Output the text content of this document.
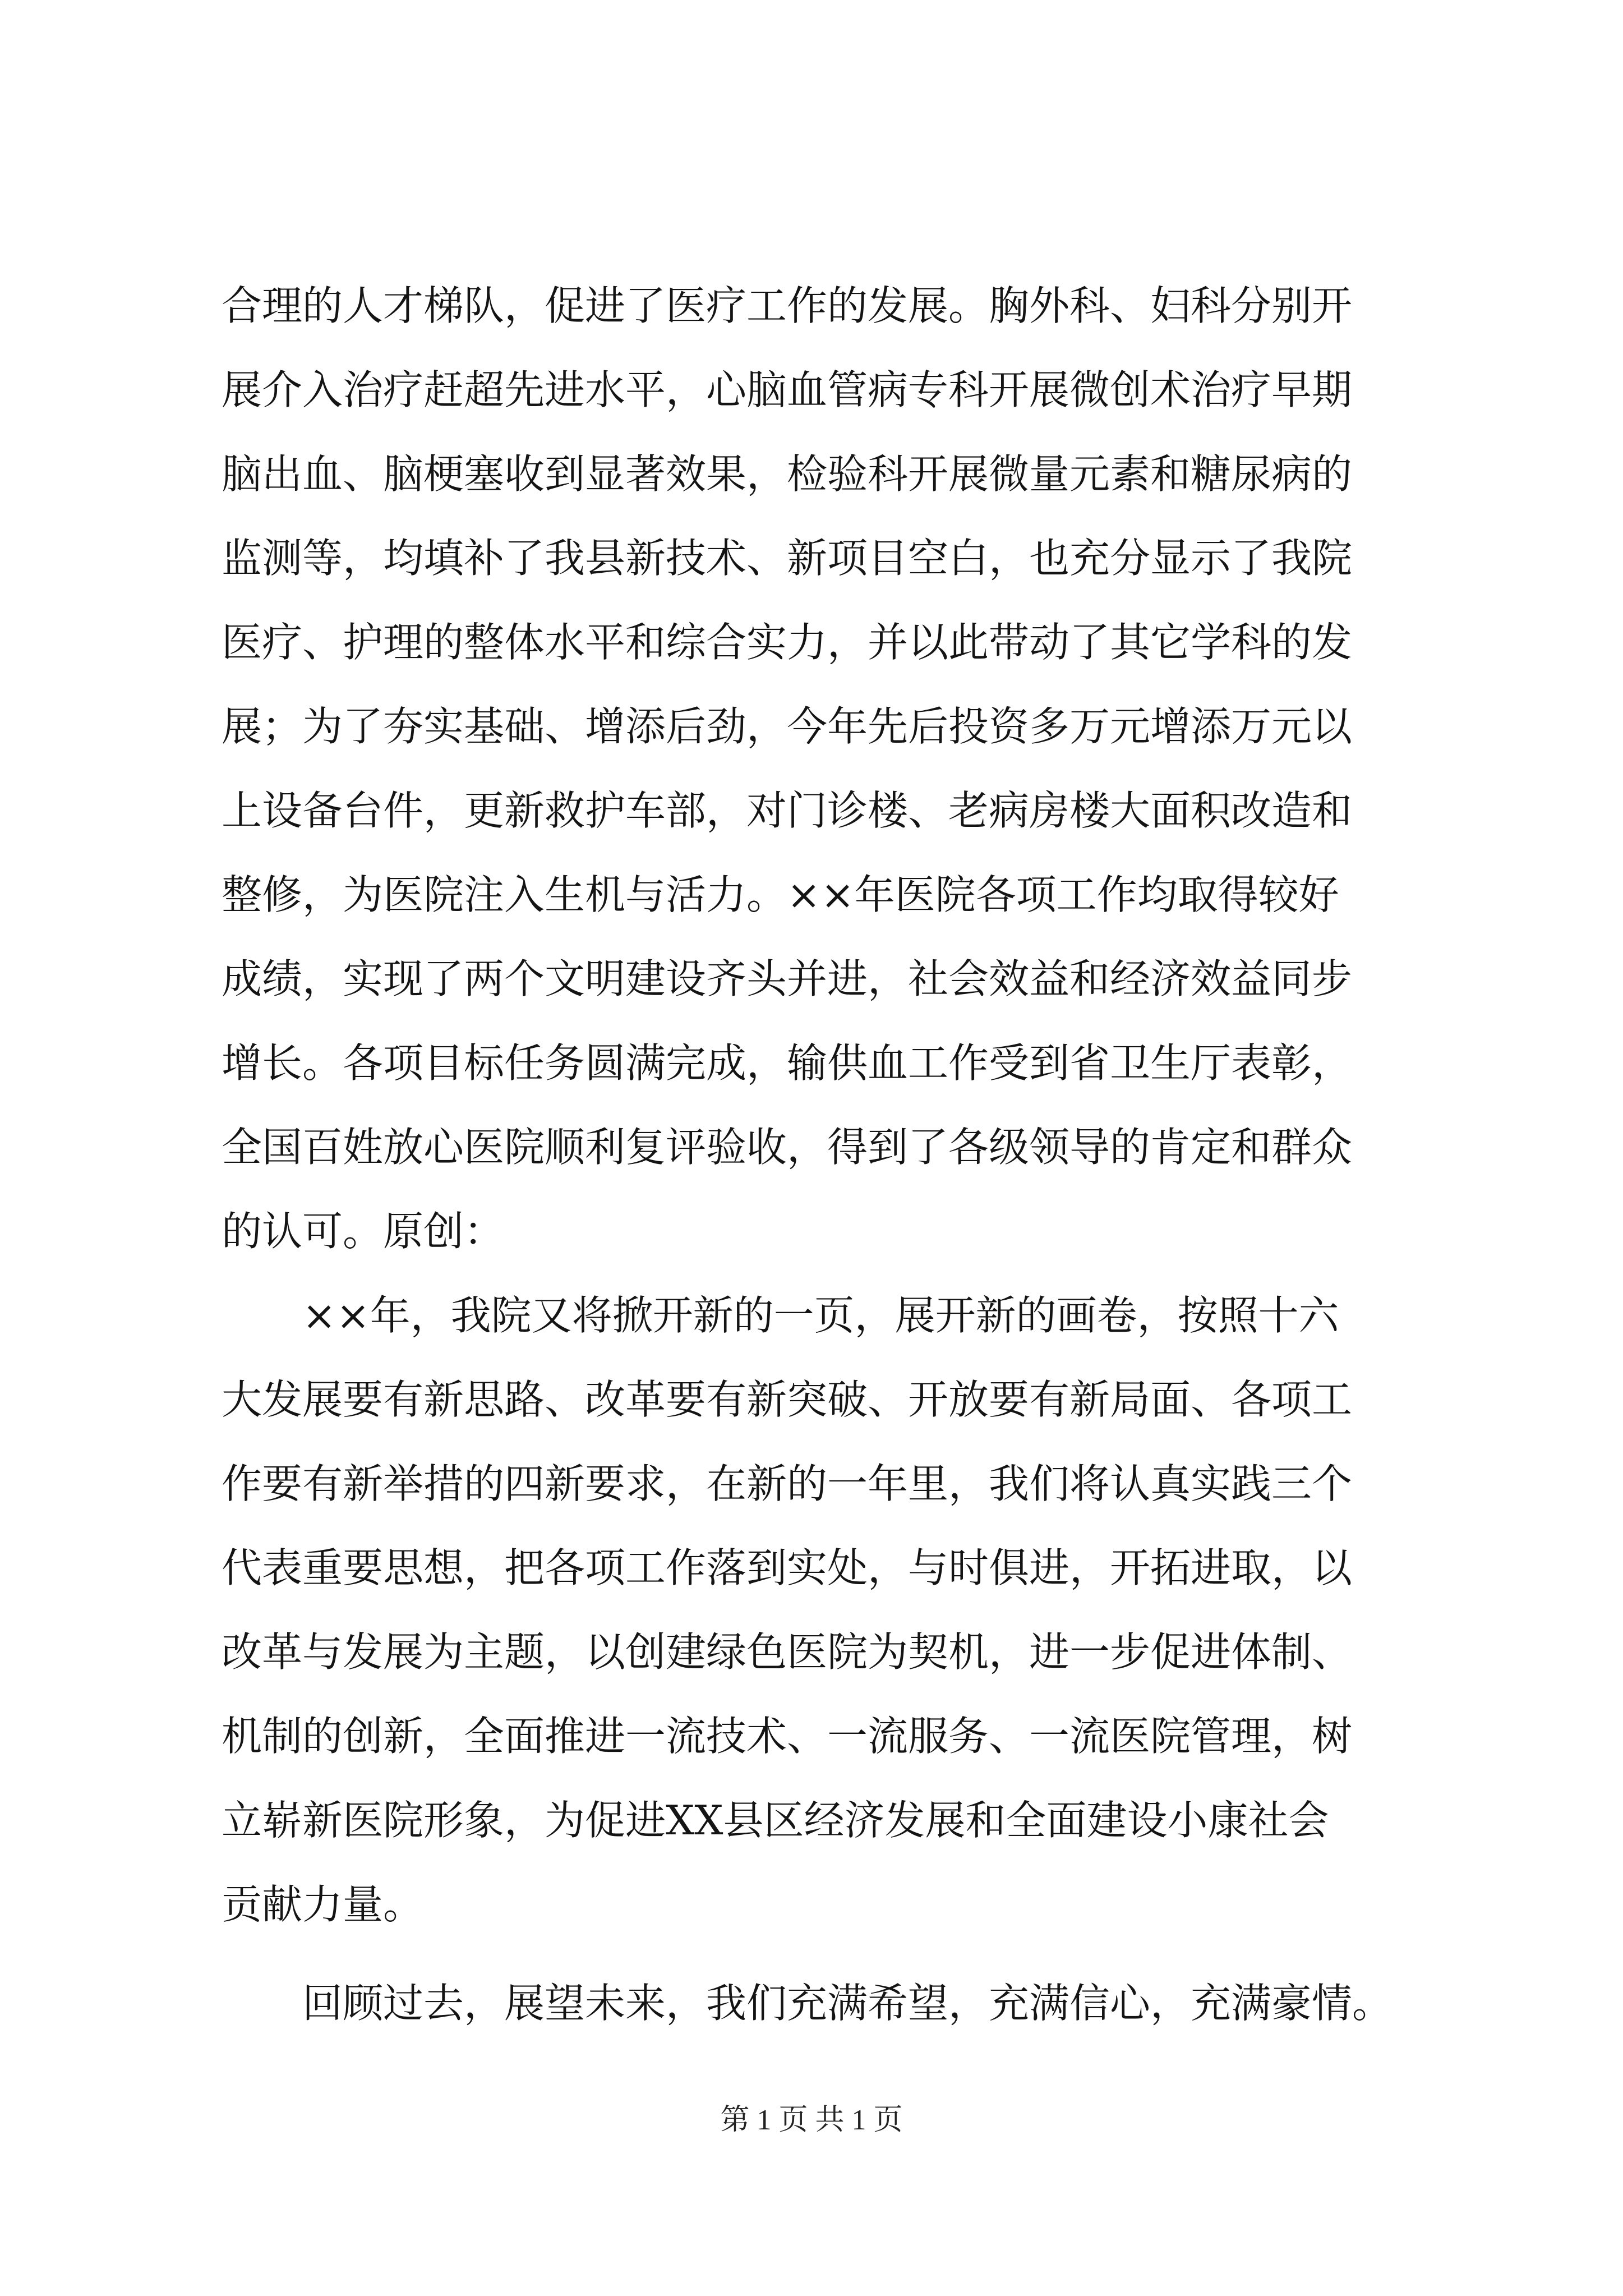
合理的人才梯队，促进了医疗工作的发展。胸外科、妇科分别开
展介入治疗赶超先进水平，心脑血管病专科开展微创术治疗早期
脑出血、脑梗塞收到显著效果，检验科开展微量元素和糖尿病的
监测等，均填补了我县新技术、新项目空白，也充分显示了我院
医疗、护理的整体水平和综合实力，并以此带动了其它学科的发
展；为了夯实基础、增添后劲，今年先后投资多万元增添万元以
上设备台件，更新救护车部，对门诊楼、老病房楼大面积改造和
整修，为医院注入生机与活力。××年医院各项工作均取得较好
成绩，实现了两个文明建设齐头并进，社会效益和经济效益同步
增长。各项目标任务圆满完成，输供血工作受到省卫生厅表彰，
全国百姓放心医院顺利复评验收，得到了各级领导的肯定和群众
的认可。原创：
　　××年，我院又将掀开新的一页，展开新的画卷，按照十六
大发展要有新思路、改革要有新突破、开放要有新局面、各项工
作要有新举措的四新要求，在新的一年里，我们将认真实践三个
代表重要思想，把各项工作落到实处，与时俱进，开拓进取，以
改革与发展为主题，以创建绿色医院为契机，进一步促进体制、
机制的创新，全面推进一流技术、一流服务、一流医院管理，树
立崭新医院形象，为促进XX县区经济发展和全面建设小康社会
贡献力量。
　　回顾过去，展望未来，我们充满希望，充满信心，充满豪情。
第 1 页 共 1 页
